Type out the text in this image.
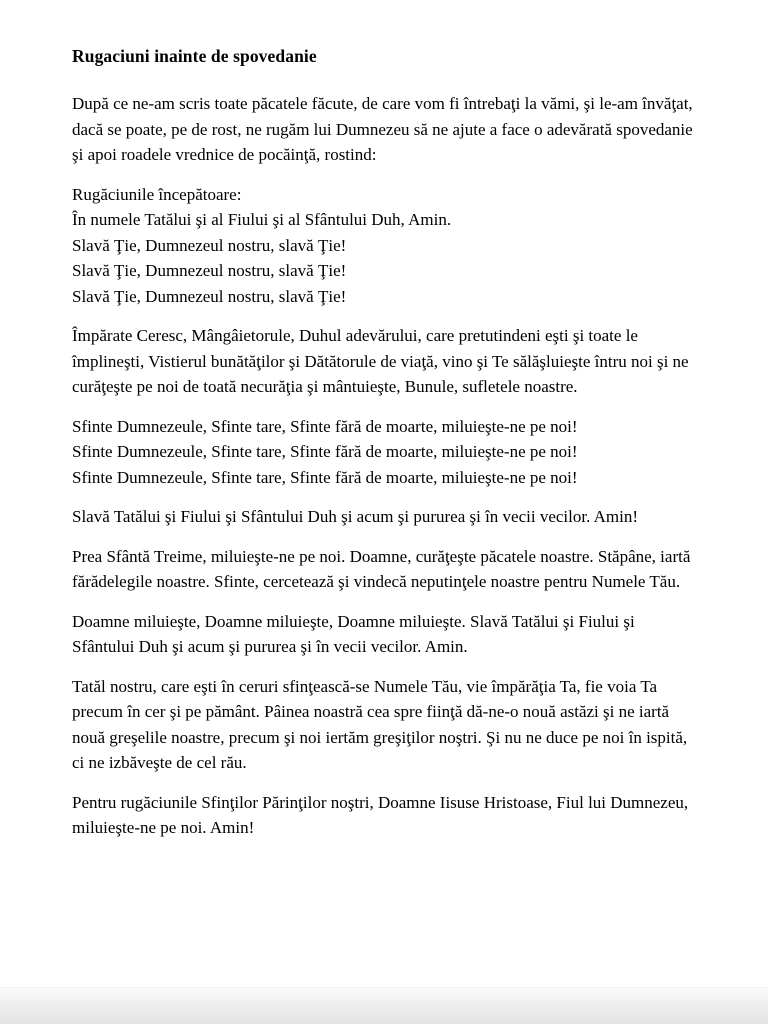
Rugaciuni inainte de spovedanie

După ce ne-am scris toate păcatele făcute, de care vom fi întrebaţi la vămi, şi le-am învăţat, dacă se poate, pe de rost, ne rugăm lui Dumnezeu să ne ajute a face o adevărată spovedanie şi apoi roadele vrednice de pocăinţă, rostind:

Rugăciunile începătoare:
În numele Tatălui şi al Fiului şi al Sfântului Duh, Amin.
Slavă Ţie, Dumnezeul nostru, slavă Ţie!
Slavă Ţie, Dumnezeul nostru, slavă Ţie!
Slavă Ţie, Dumnezeul nostru, slavă Ţie!

Împărate Ceresc, Mângâietorule, Duhul adevărului, care pretutindeni eşti şi toate le împlineşti, Vistierul bunătăţilor şi Dătătorule de viaţă, vino şi Te sălăşluieşte întru noi şi ne curăţeşte pe noi de toată necurăţia şi mântuieşte, Bunule, sufletele noastre.

Sfinte Dumnezeule, Sfinte tare, Sfinte fără de moarte, miluieşte-ne pe noi!
Sfinte Dumnezeule, Sfinte tare, Sfinte fără de moarte, miluieşte-ne pe noi!
Sfinte Dumnezeule, Sfinte tare, Sfinte fără de moarte, miluieşte-ne pe noi!

Slavă Tatălui şi Fiului şi Sfântului Duh şi acum şi pururea şi în vecii vecilor. Amin!

Prea Sfântă Treime, miluieşte-ne pe noi. Doamne, curăţeşte păcatele noastre. Stăpâne, iartă fărădelegile noastre. Sfinte, cercetează şi vindecă neputinţele noastre pentru Numele Tău.

Doamne miluieşte, Doamne miluieşte, Doamne miluieşte. Slavă Tatălui şi Fiului şi Sfântului Duh şi acum şi pururea şi în vecii vecilor. Amin.

Tatăl nostru, care eşti în ceruri sfinţească-se Numele Tău, vie împărăţia Ta, fie voia Ta precum în cer şi pe pământ. Pâinea noastră cea spre fiinţă dă-ne-o nouă astăzi şi ne iartă nouă greşelile noastre, precum şi noi iertăm greşiţilor noştri. Şi nu ne duce pe noi în ispită, ci ne izbăveşte de cel rău.

Pentru rugăciunile Sfinţilor Părinţilor noştri, Doamne Iisuse Hristoase, Fiul lui Dumnezeu, miluieşte-ne pe noi. Amin!
